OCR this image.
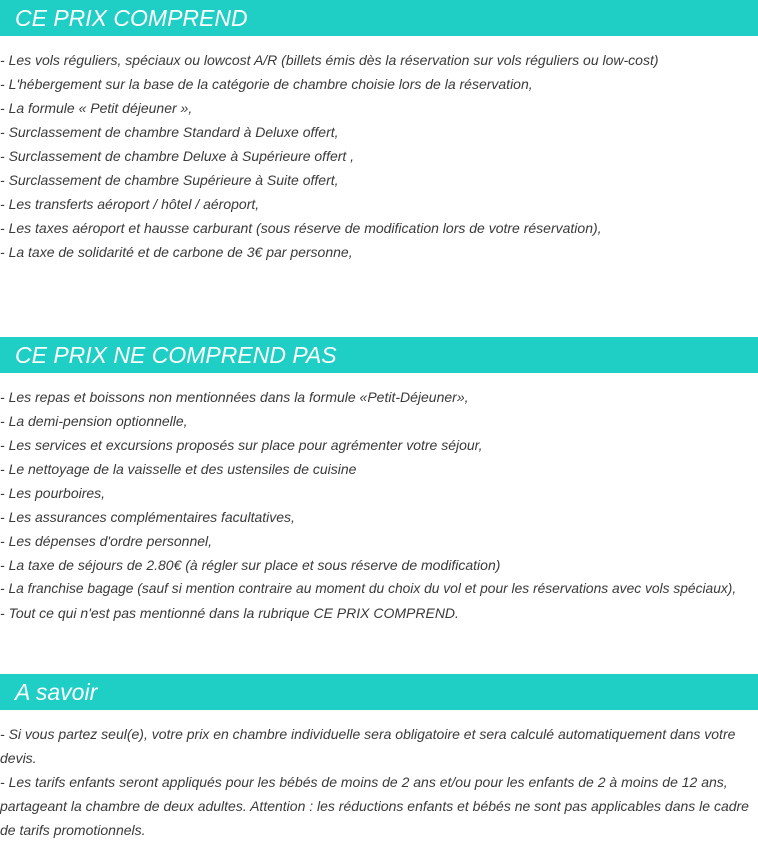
CE PRIX COMPREND
- Les vols réguliers, spéciaux ou lowcost A/R (billets émis dès la réservation sur vols réguliers ou low-cost)
- L'hébergement sur la base de la catégorie de chambre choisie lors de la réservation,
- La formule « Petit déjeuner »,
- Surclassement de chambre Standard à Deluxe offert,
- Surclassement de chambre Deluxe à Supérieure offert ,
- Surclassement de chambre Supérieure à Suite offert,
- Les transferts aéroport / hôtel / aéroport,
- Les taxes aéroport et hausse carburant (sous réserve de modification lors de votre réservation),
- La taxe de solidarité et de carbone de 3€ par personne,
CE PRIX NE COMPREND PAS
- Les repas et boissons non mentionnées dans la formule «Petit-Déjeuner»,
- La demi-pension optionnelle,
- Les services et excursions proposés sur place pour agrémenter votre séjour,
- Le nettoyage de la vaisselle et des ustensiles de cuisine
- Les pourboires,
- Les assurances complémentaires facultatives,
- Les dépenses d'ordre personnel,
- La taxe de séjours de 2.80€ (à régler sur place et sous réserve de modification)
- La franchise bagage (sauf si mention contraire au moment du choix du vol et pour les réservations avec vols spéciaux),
- Tout ce qui n'est pas mentionné dans la rubrique CE PRIX COMPREND.
A savoir
- Si vous partez seul(e), votre prix en chambre individuelle sera obligatoire et sera calculé automatiquement dans votre devis.
- Les tarifs enfants seront appliqués pour les bébés de moins de 2 ans et/ou pour les enfants de 2 à moins de 12 ans, partageant la chambre de deux adultes. Attention : les réductions enfants et bébés ne sont pas applicables dans le cadre de tarifs promotionnels.
